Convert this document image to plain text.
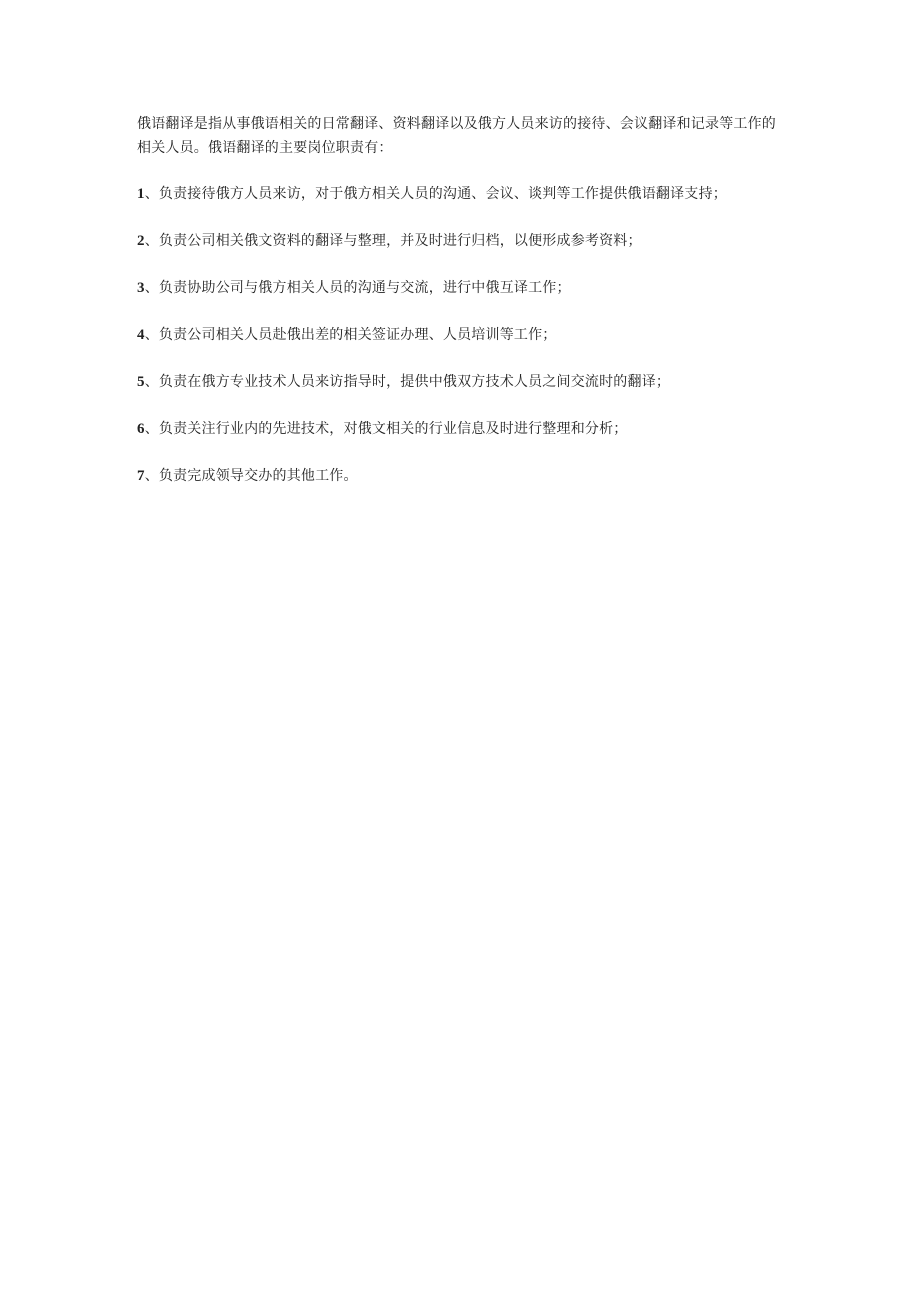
俄语翻译是指从事俄语相关的日常翻译、资料翻译以及俄方人员来访的接待、会议翻译和记录等工作的相关人员。俄语翻译的主要岗位职责有：

1、负责接待俄方人员来访，对于俄方相关人员的沟通、会议、谈判等工作提供俄语翻译支持；
2、负责公司相关俄文资料的翻译与整理，并及时进行归档，以便形成参考资料；
3、负责协助公司与俄方相关人员的沟通与交流，进行中俄互译工作；
4、负责公司相关人员赴俄出差的相关签证办理、人员培训等工作；
5、负责在俄方专业技术人员来访指导时，提供中俄双方技术人员之间交流时的翻译；
6、负责关注行业内的先进技术，对俄文相关的行业信息及时进行整理和分析；
7、负责完成领导交办的其他工作。
